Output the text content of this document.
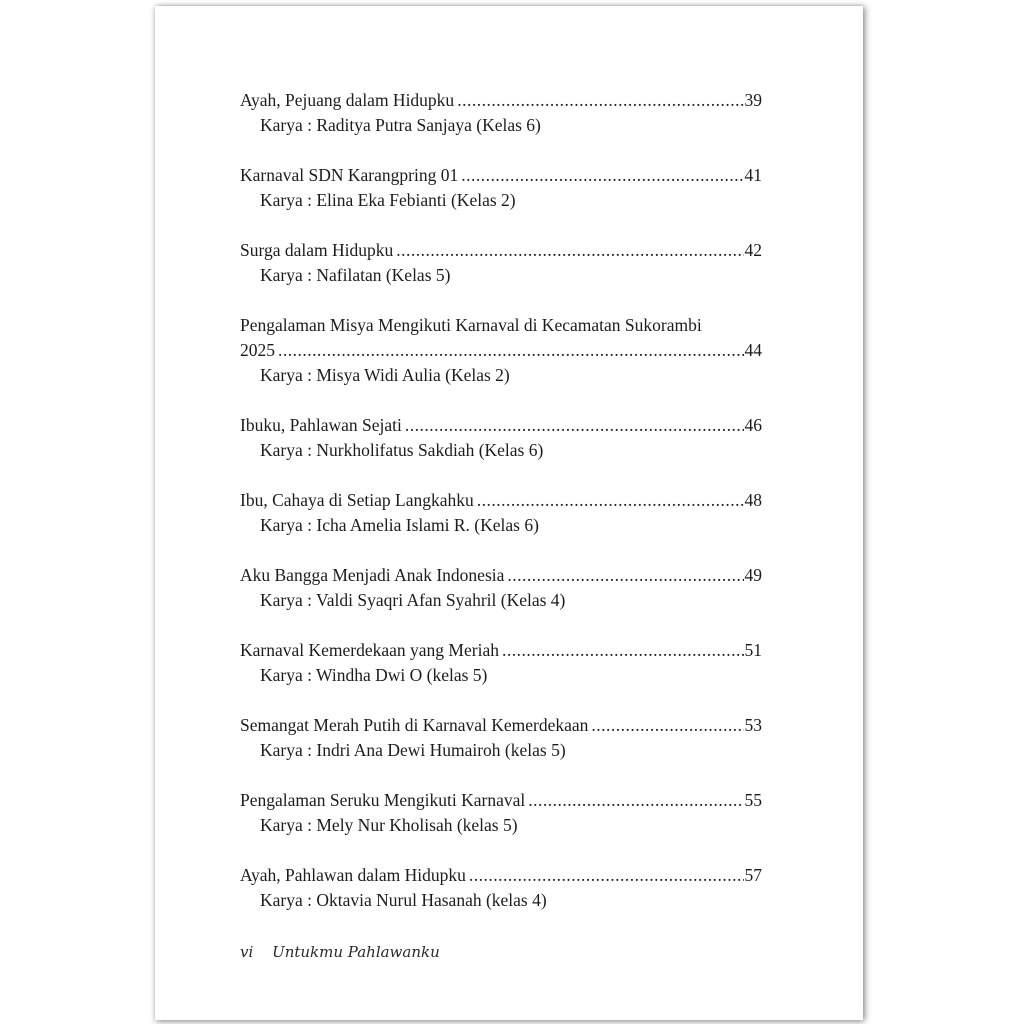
Ayah, Pejuang dalam Hidupku .....	39
Karya : Raditya Putra Sanjaya (Kelas 6)
Karnaval SDN Karangpring 01 .....	41
Karya : Elina Eka Febianti (Kelas 2)
Surga dalam Hidupku .....	42
Karya : Nafilatan (Kelas 5)
Pengalaman Misya Mengikuti Karnaval di Kecamatan Sukorambi
2025 .....	44
Karya : Misya Widi Aulia (Kelas 2)
Ibuku, Pahlawan Sejati .....	46
Karya : Nurkholifatus Sakdiah (Kelas 6)
Ibu, Cahaya di Setiap Langkahku .....	48
Karya : Icha Amelia Islami R. (Kelas 6)
Aku Bangga Menjadi Anak Indonesia .....	49
Karya : Valdi Syaqri Afan Syahril (Kelas 4)
Karnaval Kemerdekaan yang Meriah .....	51
Karya : Windha Dwi O (kelas 5)
Semangat Merah Putih di Karnaval Kemerdekaan .....	53
Karya : Indri Ana Dewi Humairoh (kelas 5)
Pengalaman Seruku Mengikuti Karnaval .....	55
Karya : Mely Nur Kholisah (kelas 5)
Ayah, Pahlawan dalam Hidupku .....	57
Karya : Oktavia Nurul Hasanah (kelas 4)
vi Untukmu Pahlawanku
